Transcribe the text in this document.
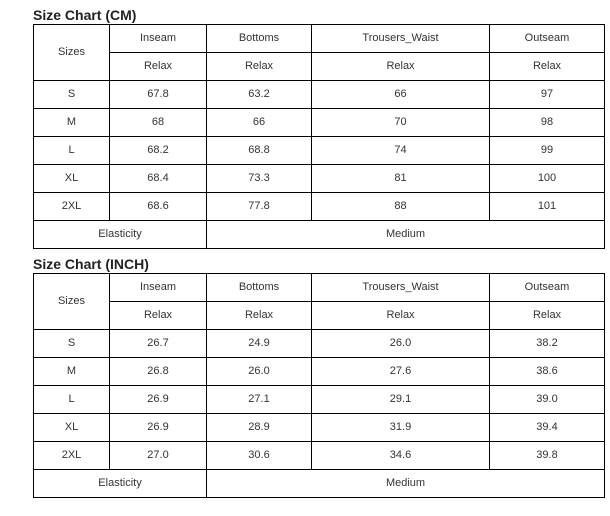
Size Chart (CM)
Sizes	Inseam	Bottoms	Trousers_Waist	Outseam
	Relax	Relax	Relax	Relax
S	67.8	63.2	66	97
M	68	66	70	98
L	68.2	68.8	74	99
XL	68.4	73.3	81	100
2XL	68.6	77.8	88	101
Elasticity		Medium		
Size Chart (INCH)
Sizes	Inseam	Bottoms	Trousers_Waist	Outseam
	Relax	Relax	Relax	Relax
S	26.7	24.9	26.0	38.2
M	26.8	26.0	27.6	38.6
L	26.9	27.1	29.1	39.0
XL	26.9	28.9	31.9	39.4
2XL	27.0	30.6	34.6	39.8
Elasticity		Medium		
